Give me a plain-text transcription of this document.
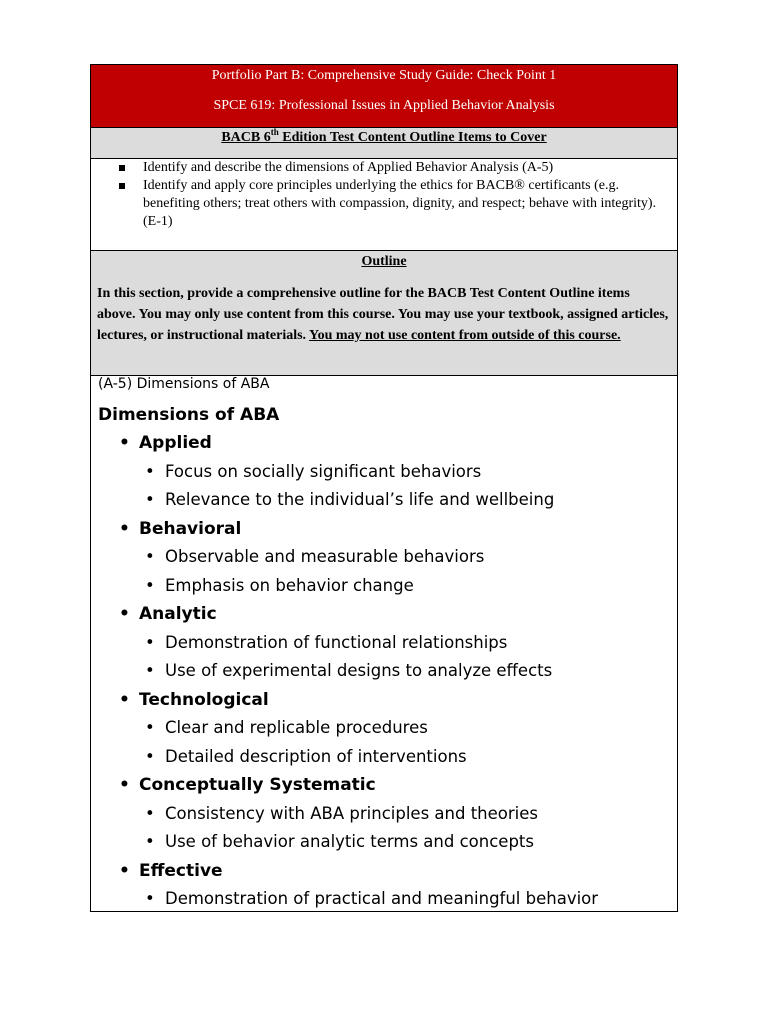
Portfolio Part B: Comprehensive Study Guide: Check Point 1
SPCE 619: Professional Issues in Applied Behavior Analysis
BACB 6th Edition Test Content Outline Items to Cover
Identify and describe the dimensions of Applied Behavior Analysis (A-5)
Identify and apply core principles underlying the ethics for BACB® certificants (e.g.
benefiting others; treat others with compassion, dignity, and respect; behave with integrity).
(E-1)
Outline
In this section, provide a comprehensive outline for the BACB Test Content Outline items above. You may only use content from this course. You may use your textbook, assigned articles, lectures, or instructional materials. You may not use content from outside of this course.
(A-5) Dimensions of ABA
Dimensions of ABA
• Applied
• Focus on socially significant behaviors
• Relevance to the individual’s life and wellbeing
• Behavioral
• Observable and measurable behaviors
• Emphasis on behavior change
• Analytic
• Demonstration of functional relationships
• Use of experimental designs to analyze effects
• Technological
• Clear and replicable procedures
• Detailed description of interventions
• Conceptually Systematic
• Consistency with ABA principles and theories
• Use of behavior analytic terms and concepts
• Effective
• Demonstration of practical and meaningful behavior
